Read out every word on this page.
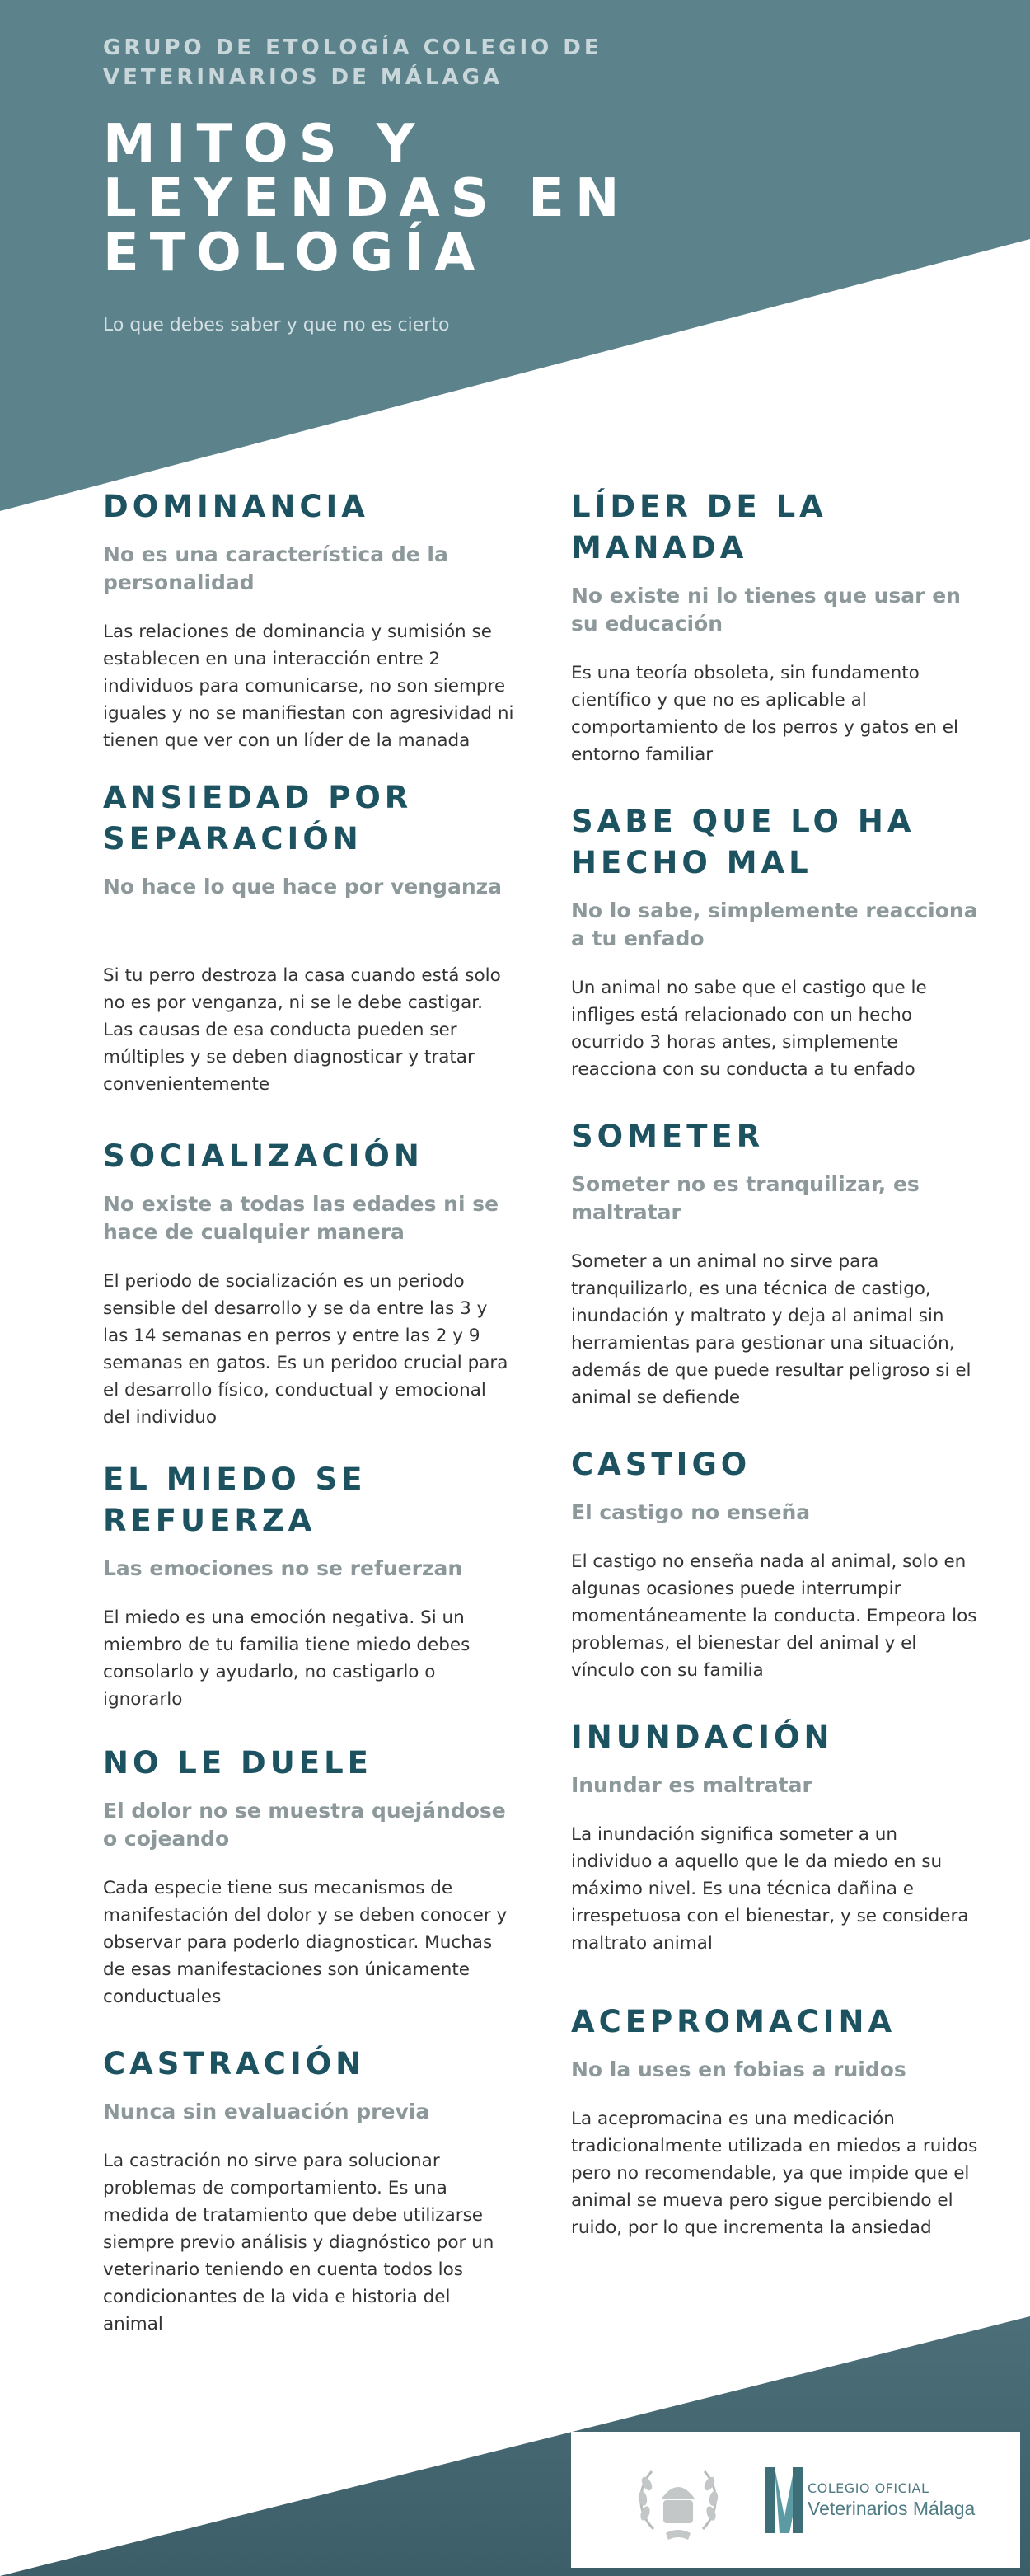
GRUPO DE ETOLOGÍA COLEGIO DE VETERINARIOS DE MÁLAGA

MITOS Y LEYENDAS EN ETOLOGÍA

Lo que debes saber y que no es cierto

DOMINANCIA
No es una característica de la personalidad

Las relaciones de dominancia y sumisión se establecen en una interacción entre 2 individuos para comunicarse, no son siempre iguales y no se manifiestan con agresividad ni tienen que ver con un líder de la manada

ANSIEDAD POR SEPARACIÓN
No hace lo que hace por venganza

Si tu perro destroza la casa cuando está solo no es por venganza, ni se le debe castigar. Las causas de esa conducta pueden ser múltiples y se deben diagnosticar y tratar convenientemente

SOCIALIZACIÓN
No existe a todas las edades ni se hace de cualquier manera

El periodo de socialización es un periodo sensible del desarrollo y se da entre las 3 y las 14 semanas en perros y entre las 2 y 9 semanas en gatos. Es un peridoo crucial para el desarrollo físico, conductual y emocional del individuo

EL MIEDO SE REFUERZA
Las emociones no se refuerzan

El miedo es una emoción negativa. Si un miembro de tu familia tiene miedo debes consolarlo y ayudarlo, no castigarlo o ignorarlo

NO LE DUELE
El dolor no se muestra quejándose o cojeando

Cada especie tiene sus mecanismos de manifestación del dolor y se deben conocer y observar para poderlo diagnosticar. Muchas de esas manifestaciones son únicamente conductuales

CASTRACIÓN
Nunca sin evaluación previa

La castración no sirve para solucionar problemas de comportamiento. Es una medida de tratamiento que debe utilizarse siempre previo análisis y diagnóstico por un veterinario teniendo en cuenta todos los condicionantes de la vida e historia del animal

LÍDER DE LA MANADA
No existe ni lo tienes que usar en su educación

Es una teoría obsoleta, sin fundamento científico y que no es aplicable al comportamiento de los perros y gatos en el entorno familiar

SABE QUE LO HA HECHO MAL
No lo sabe, simplemente reacciona a tu enfado

Un animal no sabe que el castigo que le infliges está relacionado con un hecho ocurrido 3 horas antes, simplemente reacciona con su conducta a tu enfado

SOMETER
Someter no es tranquilizar, es maltratar

Someter a un animal no sirve para tranquilizarlo, es una técnica de castigo, inundación y maltrato y deja al animal sin herramientas para gestionar una situación, además de que puede resultar peligroso si el animal se defiende

CASTIGO
El castigo no enseña

El castigo no enseña nada al animal, solo en algunas ocasiones puede interrumpir momentáneamente la conducta. Empeora los problemas, el bienestar del animal y el vínculo con su familia

INUNDACIÓN
Inundar es maltratar

La inundación significa someter a un individuo a aquello que le da miedo en su máximo nivel. Es una técnica dañina e irrespetuosa con el bienestar, y se considera maltrato animal

ACEPROMACINA
No la uses en fobias a ruidos

La acepromacina es una medicación tradicionalmente utilizada en miedos a ruidos pero no recomendable, ya que impide que el animal se mueva pero sigue percibiendo el ruido, por lo que incrementa la ansiedad

COLEGIO OFICIAL
Veterinarios Málaga
